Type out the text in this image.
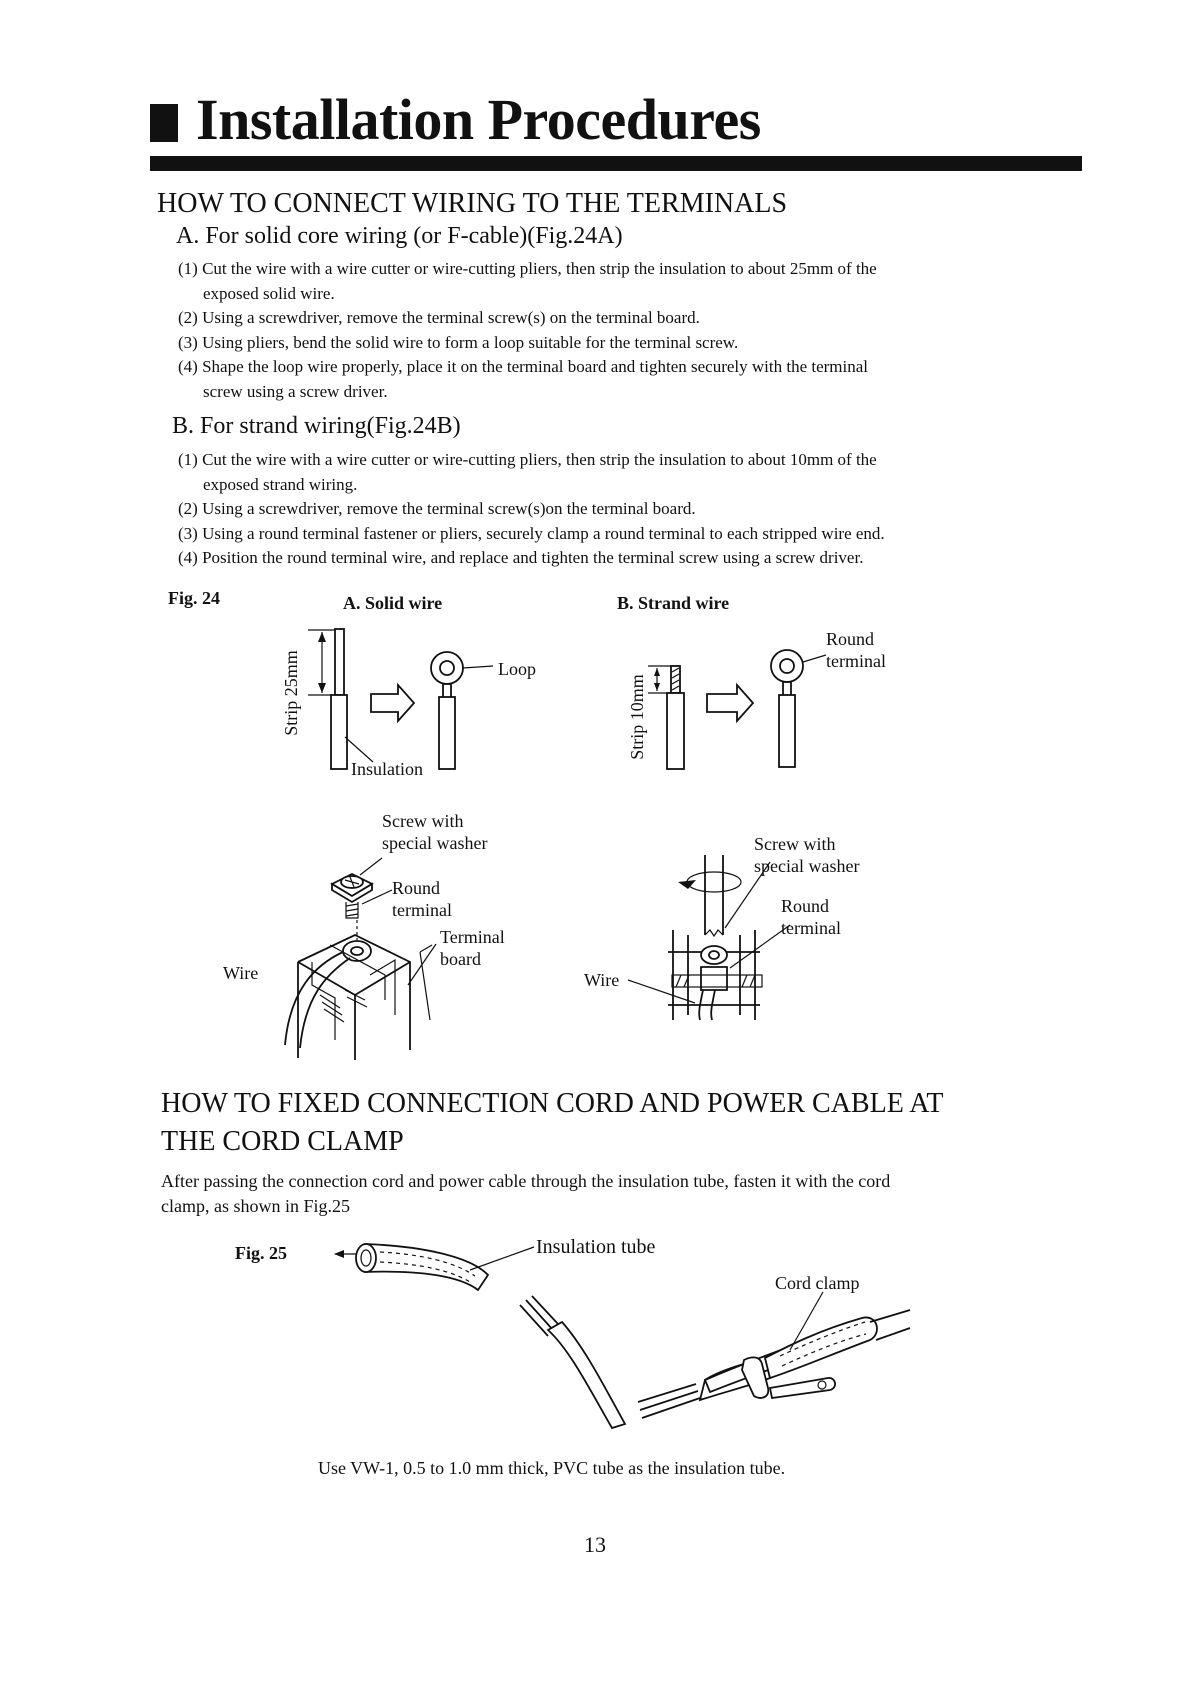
Installation Procedures
HOW TO CONNECT WIRING TO THE TERMINALS
A. For solid core wiring (or F-cable)(Fig.24A)
(1) Cut the wire with a wire cutter or wire-cutting pliers, then strip the insulation to about 25mm of the
exposed solid wire.
(2) Using a screwdriver, remove the terminal screw(s) on the terminal board.
(3) Using pliers, bend the solid wire to form a loop suitable for the terminal screw.
(4) Shape the loop wire properly, place it on the terminal board and tighten securely with the terminal
screw using a screw driver.
B. For strand wiring(Fig.24B)
(1) Cut the wire with a wire cutter or wire-cutting pliers, then strip the insulation to about 10mm of the
exposed strand wiring.
(2) Using a screwdriver, remove the terminal screw(s)on the terminal board.
(3) Using a round terminal fastener or pliers, securely clamp a round terminal to each stripped wire end.
(4) Position the round terminal wire, and replace and tighten the terminal screw using a screw driver.
Fig. 24	A. Solid wire	B. Strand wire
Strip 25mm	Strip 10mm
Loop
Insulation
Round
terminal
Screw with
special washer
Round
terminal
Terminal
board
Wire
Screw with
special washer
Round
terminal
Wire
HOW TO FIXED CONNECTION CORD AND POWER CABLE AT
THE CORD CLAMP
After passing the connection cord and power cable through the insulation tube, fasten it with the cord
clamp, as shown in Fig.25
Fig. 25	Insulation tube
Cord clamp
Use VW-1, 0.5 to 1.0 mm thick, PVC tube as the insulation tube.
13
